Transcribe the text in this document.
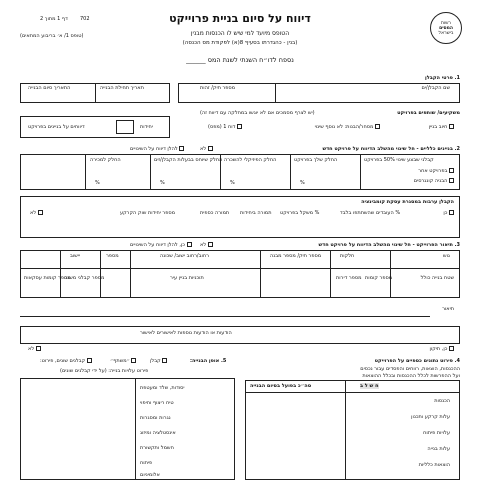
דף 1 מתוך 2 702
(טופס 1/ א׳ בריבוע המתאים)
רשות
המסים
בישראל
דיווח על סיום בניית פרוייקט
הטופס מיועד למי שיש לו הכנסות מבנין
(בנין - כהגדרתו בסעיף 8(א) לפקודת מס הכנסה)
נספח לדו״ח השנתי לשנת המס ______
1. פרטי הקבלן
שם הקבלן/ים
מספר תיק/ זהות
תאריך תחילת הבנייה
התאריך סיום הבנייה
משקיעים/ שותפים בפרויקט
(יש לצרף מסמכים אם לא יוגשו במחלקה עם דיווח זה)
חיוב בניין
מסחר/הבנות: לא נוסף שינוי
דוח 1 (מפס)
יחידות
דיווחים על בניינים בפרויקט
2. בניינים כלליים - חל שינוי מהשלב הדיווח על פרויקט חדש
לא
להלן דיווח על השינויים
קבלני שבצע שינוי 50% בפרויקט
החלק שלך בפרויקט
החלק הפיזיקלי להשכרה
החלק שיוחס בבעלות הקבלן/זים
החלק למכירה
בפרויקט אחר
הבניה קונגרסים
%
%
%
%
הקבלן ערבות במסגרת עסקת קומבינציה
כן
לא	% העובדים שהשתתפו בלבד
% משקל בפרויקט
תמורה ביחידות
תמורה כספית
מספר יחידות שוק הקרקע
3. תיאור הפרוייקט - חל שינוי מהשלב הדיווח על פרויקט חדש
לא
כן, להלן דיווח על השינויים
גוש
חלקות
מספר תיק/ מספר מבנה
רחוב/רחוב ישוב/ שכונה
מספר
יישוב
שטח בנייה כולל
מספר קומות
מספר דירות
תוכניות בניין עיר
מספר קבלני משנה
מספר קומות עסקאות
תיאור
הודעות או הודעות נוספות לאישורים לאישור
כן, תיקון
לא
4. פירוט נתונים כספיים על הפרוייקט
ההכנסות, הוצאות, רווחים והפסדים עבור נכסים
ועל ההפרשות לכלל ההכנסות ובכלל ההוצאות
ח ש ל ב
סה״כ בפועל בסיום הבנייה
הכנסות
עלות קרקע ותכנון
עלויות פיתוח
עלות בנייה
הוצאות כלליות
5. אופן הבנייה:
קבלן
״משתף״
קבלנים שונים, פירוט:
פירוט עלויות בנייה: (על ידי קבלנים שונים)
יסודות, שלד ומעטפת
טיח ריצוף וחיפוי
נגרות ומסגרות
אינסטלציה ומיזוג
חשמל ותקשורת
פיתוח
אלומיניום
